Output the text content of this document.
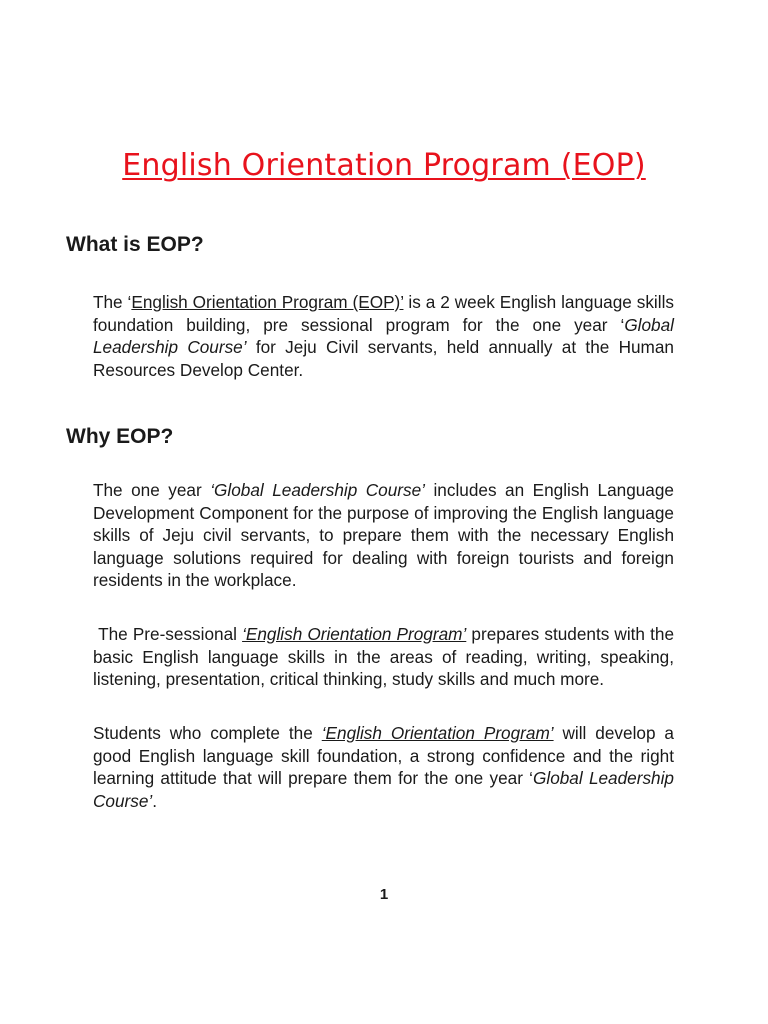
English Orientation Program (EOP)
What is EOP?

The ‘English Orientation Program (EOP)’ is a 2 week English language skills foundation building, pre sessional program for the one year ‘Global Leadership Course’ for Jeju Civil servants, held annually at the Human Resources Develop Center.

Why EOP?

The one year ‘Global Leadership Course’ includes an English Language Development Component for the purpose of improving the English language skills of Jeju civil servants, to prepare them with the necessary English language solutions required for dealing with foreign tourists and foreign residents in the workplace.

The Pre-sessional ‘English Orientation Program’ prepares students with the basic English language skills in the areas of reading, writing, speaking, listening, presentation, critical thinking, study skills and much more.

Students who complete the ‘English Orientation Program’ will develop a good English language skill foundation, a strong confidence and the right learning attitude that will prepare them for the one year ‘Global Leadership Course’.

1
